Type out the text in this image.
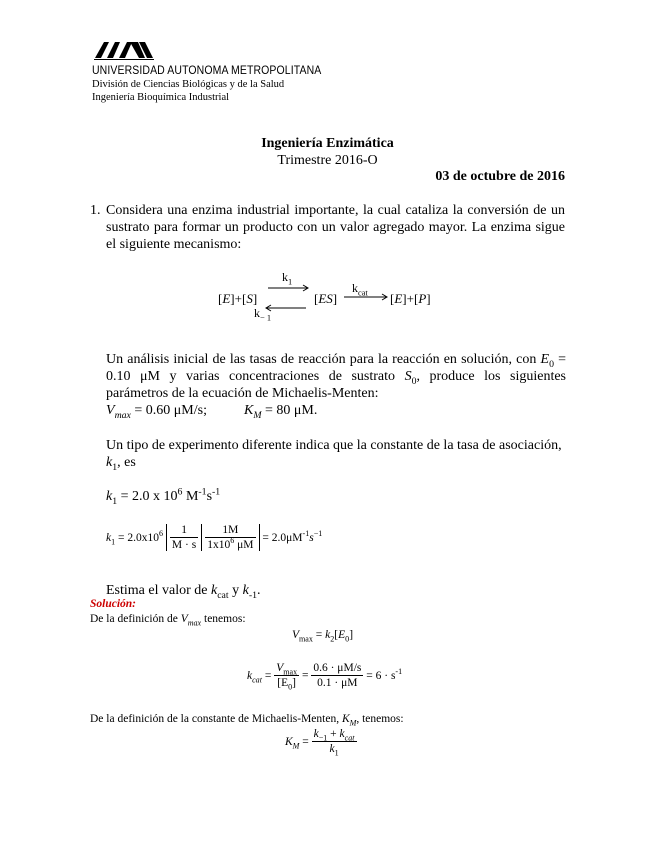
UNIVERSIDAD AUTONOMA METROPOLITANA
División de Ciencias Biológicas y de la Salud
Ingeniería Bioquímica Industrial
Ingeniería Enzimática
Trimestre 2016-O
03 de octubre de 2016
1. Considera una enzima industrial importante, la cual cataliza la conversión de un sustrato para formar un producto con un valor agregado mayor. La enzima sigue el siguiente mecanismo:
[E]+[S]
$k_1$
$k_{- 1}$
⇌ [ES]
$k_{cat}$ [E]+[P]
Un análisis inicial de las tasas de reacción para la reacción en solución, con $E_0 = 0.10$ μM y varias concentraciones de sustrato $S_0$, produce los siguientes parámetros de la ecuación de Michaelis-Menten:
$V_{max} = 0.60$ μM/s;	$K_M = 80$ μM.
Un tipo de experimento diferente indica que la constante de la tasa de asociación, $k_1$, es
$k_1 = 2.0$ x $10^6$ $M^{-1}s^{-1}$
$k_1 = 2.0x10^6 \frac{1}{M \cdot s} \frac{1M}{1x10^6 \mu M} = 2.0\mu M^{-1}s^{-1}$
Estima el valor de $k_{cat}$ y $k_{-1}$.
Solución:
De la definición de $V_{max}$ tenemos:
$V_{max} = k_2[E_0]$
$k_{cat} = \frac{V_{max}}{[E_0]} = \frac{0.6 \cdot \mu M/s}{0.1 \cdot \mu M} = 6 \cdot s^{-1}$
De la definición de la constante de Michaelis-Menten, $K_M$, tenemos:
$K_M = \frac{k_{-1} + k_{cat}}{k_1}$
